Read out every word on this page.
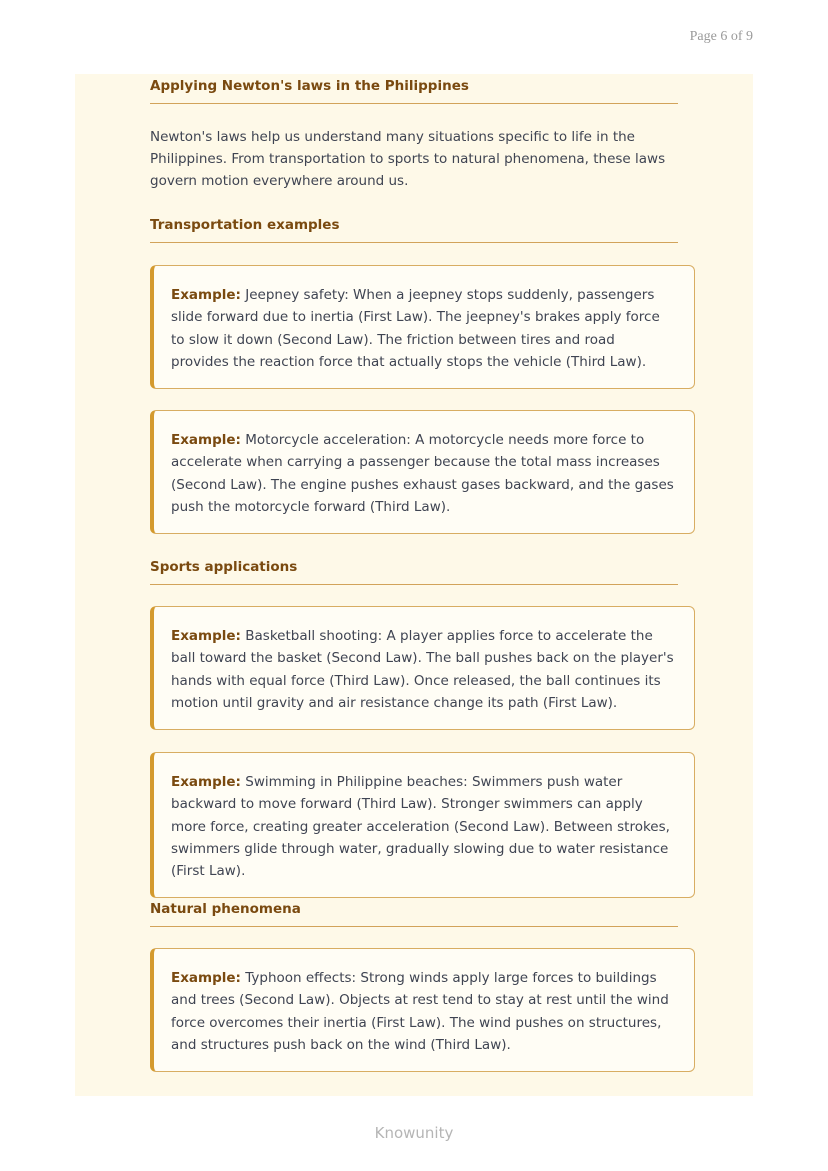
Page 6 of 9
Applying Newton's laws in the Philippines
Newton's laws help us understand many situations specific to life in the Philippines. From transportation to sports to natural phenomena, these laws govern motion everywhere around us.
Transportation examples
Example: Jeepney safety: When a jeepney stops suddenly, passengers slide forward due to inertia (First Law). The jeepney's brakes apply force to slow it down (Second Law). The friction between tires and road provides the reaction force that actually stops the vehicle (Third Law).
Example: Motorcycle acceleration: A motorcycle needs more force to accelerate when carrying a passenger because the total mass increases (Second Law). The engine pushes exhaust gases backward, and the gases push the motorcycle forward (Third Law).
Sports applications
Example: Basketball shooting: A player applies force to accelerate the ball toward the basket (Second Law). The ball pushes back on the player's hands with equal force (Third Law). Once released, the ball continues its motion until gravity and air resistance change its path (First Law).
Example: Swimming in Philippine beaches: Swimmers push water backward to move forward (Third Law). Stronger swimmers can apply more force, creating greater acceleration (Second Law). Between strokes, swimmers glide through water, gradually slowing due to water resistance (First Law).
Natural phenomena
Example: Typhoon effects: Strong winds apply large forces to buildings and trees (Second Law). Objects at rest tend to stay at rest until the wind force overcomes their inertia (First Law). The wind pushes on structures, and structures push back on the wind (Third Law).
Knowunity
